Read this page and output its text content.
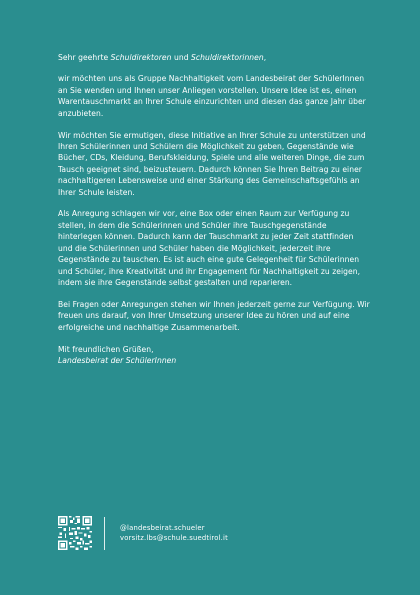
Sehr geehrte Schuldirektoren und Schuldirektorinnen,

wir möchten uns als Gruppe Nachhaltigkeit vom Landesbeirat der SchülerInnen an Sie wenden und Ihnen unser Anliegen vorstellen. Unsere Idee ist es, einen Warentauschmarkt an Ihrer Schule einzurichten und diesen das ganze Jahr über anzubieten.

Wir möchten Sie ermutigen, diese Initiative an Ihrer Schule zu unterstützen und Ihren Schülerinnen und Schülern die Möglichkeit zu geben, Gegenstände wie Bücher, CDs, Kleidung, Berufskleidung, Spiele und alle weiteren Dinge, die zum Tausch geeignet sind, beizusteuern. Dadurch können Sie Ihren Beitrag zu einer nachhaltigeren Lebensweise und einer Stärkung des Gemeinschaftsgefühls an Ihrer Schule leisten.

Als Anregung schlagen wir vor, eine Box oder einen Raum zur Verfügung zu stellen, in dem die Schülerinnen und Schüler ihre Tauschgegenstände hinterlegen können. Dadurch kann der Tauschmarkt zu jeder Zeit stattfinden und die Schülerinnen und Schüler haben die Möglichkeit, jederzeit ihre Gegenstände zu tauschen. Es ist auch eine gute Gelegenheit für Schülerinnen und Schüler, ihre Kreativität und ihr Engagement für Nachhaltigkeit zu zeigen, indem sie ihre Gegenstände selbst gestalten und reparieren.

Bei Fragen oder Anregungen stehen wir Ihnen jederzeit gerne zur Verfügung. Wir freuen uns darauf, von Ihrer Umsetzung unserer Idee zu hören und auf eine erfolgreiche und nachhaltige Zusammenarbeit.

Mit freundlichen Grüßen,
Landesbeirat der SchülerInnen

@landesbeirat.schueler
vorsitz.lbs@schule.suedtirol.it
